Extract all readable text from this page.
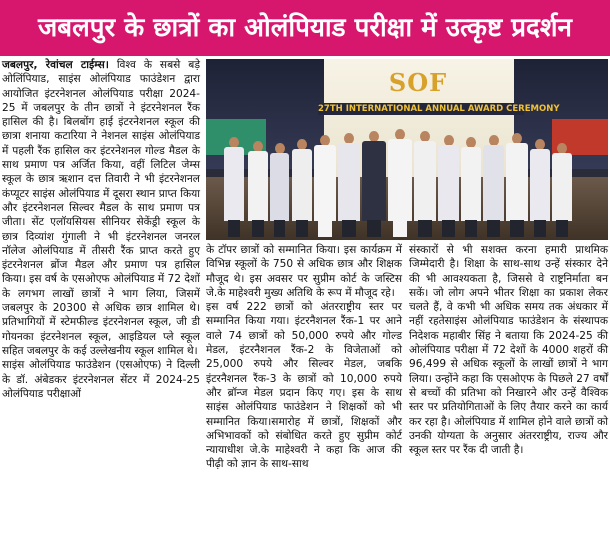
जबलपुर के छात्रों का ओलंपियाड परीक्षा में उत्कृष्ट प्रदर्शन

जबलपुर, रेवांचल टाईम्स। विश्व के सबसे बड़े ओलिंपियाड, साइंस ओलंपियाड फाउंडेशन द्वारा आयोजित इंटरनेशनल ओलंपियाड परीक्षा 2024-25 में जबलपुर के तीन छात्रों ने इंटरनेशनल रैंक हासिल की है। बिलबोंग हाई इंटरनेशनल स्कूल की छात्रा शनाया कटारिया ने नेशनल साइंस ओलंपियाड में पहली रैंक हासिल कर इंटरनेशनल गोल्ड मैडल के साथ प्रमाण पत्र अर्जित किया, वहीं लिटिल जेम्स स्कूल के छात्र ऋशान दत्त तिवारी ने भी इंटरनेशनल कंप्यूटर साइंस ओलंपियाड में दूसरा स्थान प्राप्त किया और इंटरनेशनल सिल्वर मैडल के साथ प्रमाण पत्र जीता। सेंट एलॉयसियस सीनियर सेकेंड्री स्कूल के छात्र दिव्यांश गुंगाली ने भी इंटरनेशनल जनरल नॉलेज ओलंपियाड में तीसरी रैंक प्राप्त करते हुए इंटरनेशनल ब्रोंज मैडल और प्रमाण पत्र हासिल किया। इस वर्ष के एसओएफ ओलंपियाड में 72 देशों के लगभग लाखों छात्रों ने भाग लिया, जिसमें जबलपुर के 20300 से अधिक छात्र शामिल थे। प्रतिभागियों में स्टेमफील्ड इंटरनेशनल स्कूल, जी डी गोयनका इंटरनेशनल स्कूल, आइडियल प्ले स्कूल सहित जबलपुर के कई उल्लेखनीय स्कूल शामिल थे।

साइंस ओलंपियाड फाउंडेशन (एसओएफ) ने दिल्ली के डॉ. अंबेडकर इंटरनेशनल सेंटर में 2024-25 ओलंपियाड परीक्षाओं

SOF
27TH INTERNATIONAL ANNUAL AWARD CEREMONY

के टॉपर छात्रों को सम्मानित किया। इस कार्यक्रम में विभिन्न स्कूलों के 750 से अधिक छात्र और शिक्षक मौजूद थे। इस अवसर पर सुप्रीम कोर्ट के जस्टिस जे.के माहेश्वरी मुख्य अतिथि के रूप में मौजूद रहे।

इस वर्ष 222 छात्रों को अंतरराष्ट्रीय स्तर पर सम्मानित किया गया। इंटरनैशनल रैंक-1 पर आने वाले 74 छात्रों को 50,000 रुपये और गोल्ड मेडल, इंटरनैशनल रैंक-2 के विजेताओं को 25,000 रुपये और सिल्वर मेडल, जबकि इंटरनैशनल रैंक-3 के छात्रों को 10,000 रुपये और ब्रॉन्ज मेडल प्रदान किए गए। इस के साथ साइंस ओलंपियाड फाउंडेशन ने शिक्षकों को भी सम्मानित किया।समारोह में छात्रों, शिक्षकों और अभिभावकों को संबोधित करते हुए सुप्रीम कोर्ट न्यायाधीश जे.के माहेश्वरी ने कहा कि आज की पीढ़ी को ज्ञान के साथ-साथ

संस्कारों से भी सशक्त करना हमारी प्राथमिक जिम्मेदारी है। शिक्षा के साथ-साथ उन्हें संस्कार देने की भी आवश्यकता है, जिससे वे राष्ट्रनिर्माता बन सकें। जो लोग अपने भीतर शिक्षा का प्रकाश लेकर चलते हैं, वे कभी भी अधिक समय तक अंधकार में नहीं रहतेसाइंस ओलंपियाड फाउंडेशन के संस्थापक निदेशक महाबीर सिंह ने बताया कि 2024-25 की ओलंपियाड परीक्षा में 72 देशों के 4000 शहरों की 96,499 से अधिक स्कूलों के लाखों छात्रों ने भाग लिया। उन्होंने कहा कि एसओएफ के पिछले 27 वर्षों से बच्चों की प्रतिभा को निखारने और उन्हें वैश्विक स्तर पर प्रतियोगिताओं के लिए तैयार करने का कार्य कर रहा है। ओलंपियाड में शामिल होने वाले छात्रों को उनकी योग्यता के अनुसार अंतरराष्ट्रीय, राज्य और स्कूल स्तर पर रैंक दी जाती है।
